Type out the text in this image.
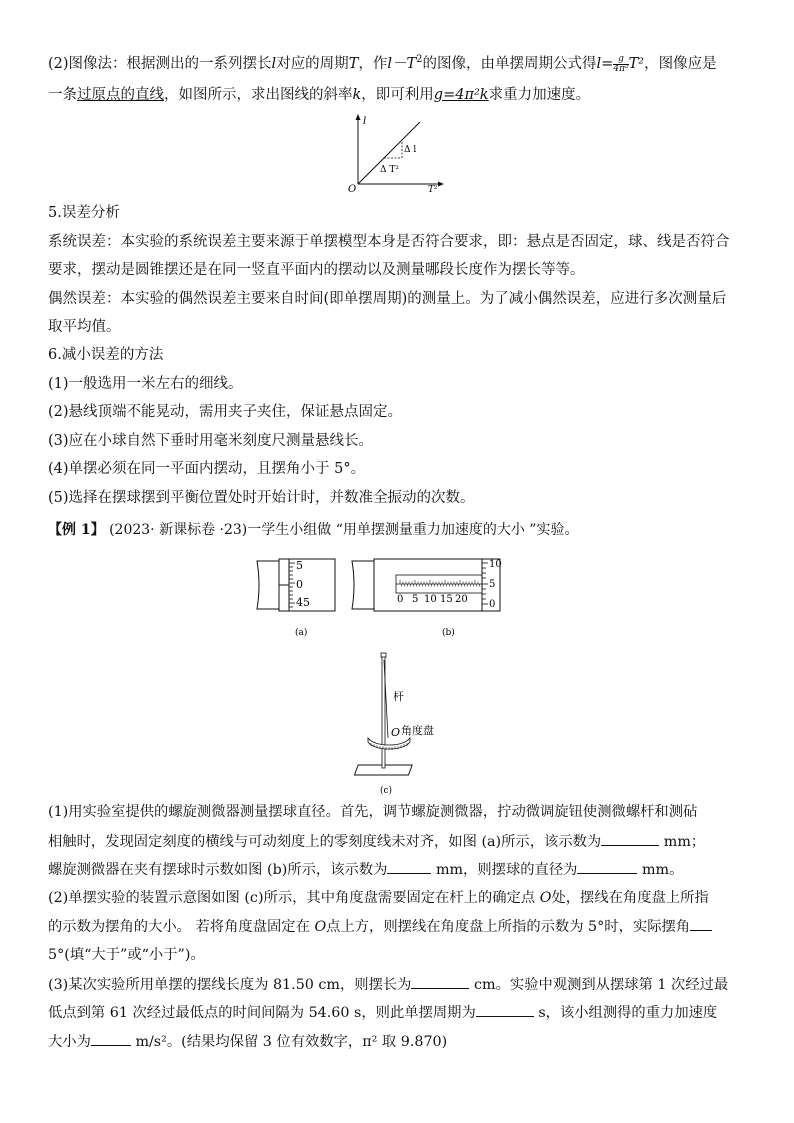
(2)图像法：根据测出的一系列摆长l对应的周期T，作$l-T^2$的图像，由单摆周期公式得$l= \frac{g}{\text{4π²}} T^2$，图像应是
一条过原点的直线，如图所示，求出图线的斜率k，即可利用g=4π²k求重力加速度。
l
T²
O
Δ l
Δ T²
5.误差分析
系统误差：本实验的系统误差主要来源于单摆模型本身是否符合要求，即：悬点是否固定，球、线是否符合
要求，摆动是圆锥摆还是在同一竖直平面内的摆动以及测量哪段长度作为摆长等等。
偶然误差：本实验的偶然误差主要来自时间(即单摆周期)的测量上。为了减小偶然误差，应进行多次测量后
取平均值。
6.减小误差的方法
(1)一般选用一米左右的细线。
(2)悬线顶端不能晃动，需用夹子夹住，保证悬点固定。
(3)应在小球自然下垂时用毫米刻度尺测量悬线长。
(4)单摆必须在同一平面内摆动，且摆角小于 5°。
(5)选择在摆球摆到平衡位置处时开始计时，并数准全振动的次数。
【例 1】 (2023· 新课标卷 ·23)一学生小组做 “用单摆测量重力加速度的大小 ”实验。
5
0
45
(a)
0 5 10 15 20
10
5
0
(b)
杆
O 角度盘
(c)
(1)用实验室提供的螺旋测微器测量摆球直径。首先，调节螺旋测微器，拧动微调旋钮使测微螺杆和测砧
相触时，发现固定刻度的横线与可动刻度上的零刻度线未对齐，如图 (a)所示，该示数为	mm；
螺旋测微器在夹有摆球时示数如图 (b)所示，该示数为	mm，则摆球的直径为	mm。
(2)单摆实验的装置示意图如图 (c)所示，其中角度盘需要固定在杆上的确定点 O处，摆线在角度盘上所指
的示数为摆角的大小。 若将角度盘固定在 O点上方，则摆线在角度盘上所指的示数为 5°时，实际摆角
5°(填“大于”或“小于”)。
(3)某次实验所用单摆的摆线长度为 81.50 cm，则摆长为	cm。实验中观测到从摆球第 1 次经过最
低点到第 61 次经过最低点的时间间隔为 54.60 s，则此单摆周期为	s，该小组测得的重力加速度
大小为	m/s²。(结果均保留 3 位有效数字，π² 取 9.870)
